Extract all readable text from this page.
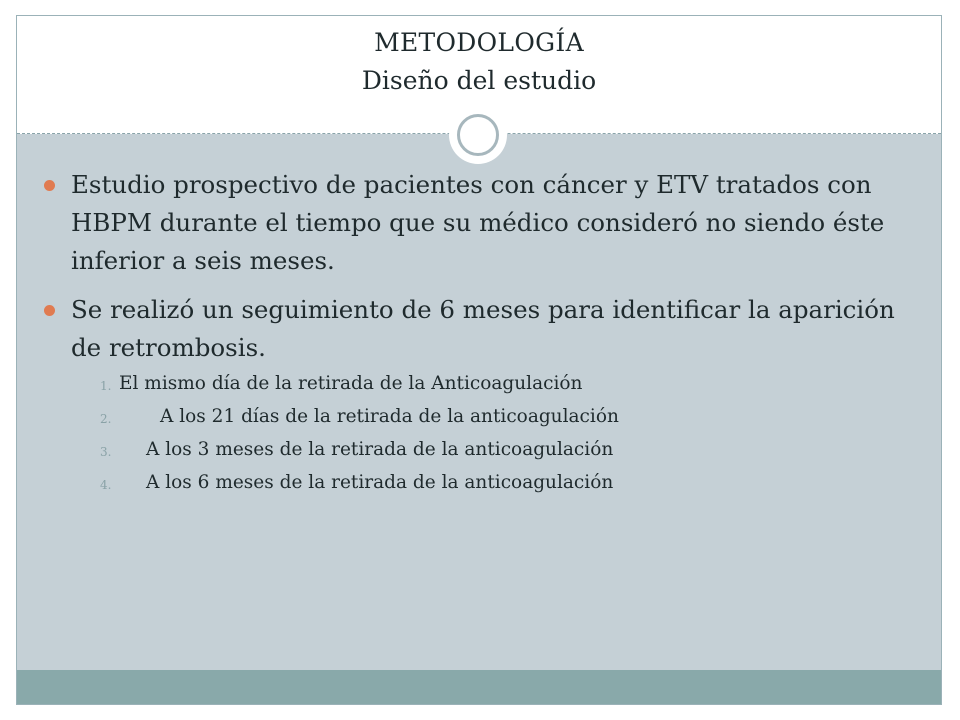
METODOLOGÍA
Diseño del estudio
Estudio prospectivo de pacientes con cáncer y ETV tratados con HBPM durante el tiempo que su médico consideró no siendo éste inferior a seis meses.
Se realizó un seguimiento de 6 meses para identificar la aparición de retrombosis.
1. El mismo día de la retirada de la Anticoagulación
2.	A los 21 días de la retirada de la anticoagulación
3. A los 3 meses de la retirada de la anticoagulación
4. A los 6 meses de la retirada de la anticoagulación
